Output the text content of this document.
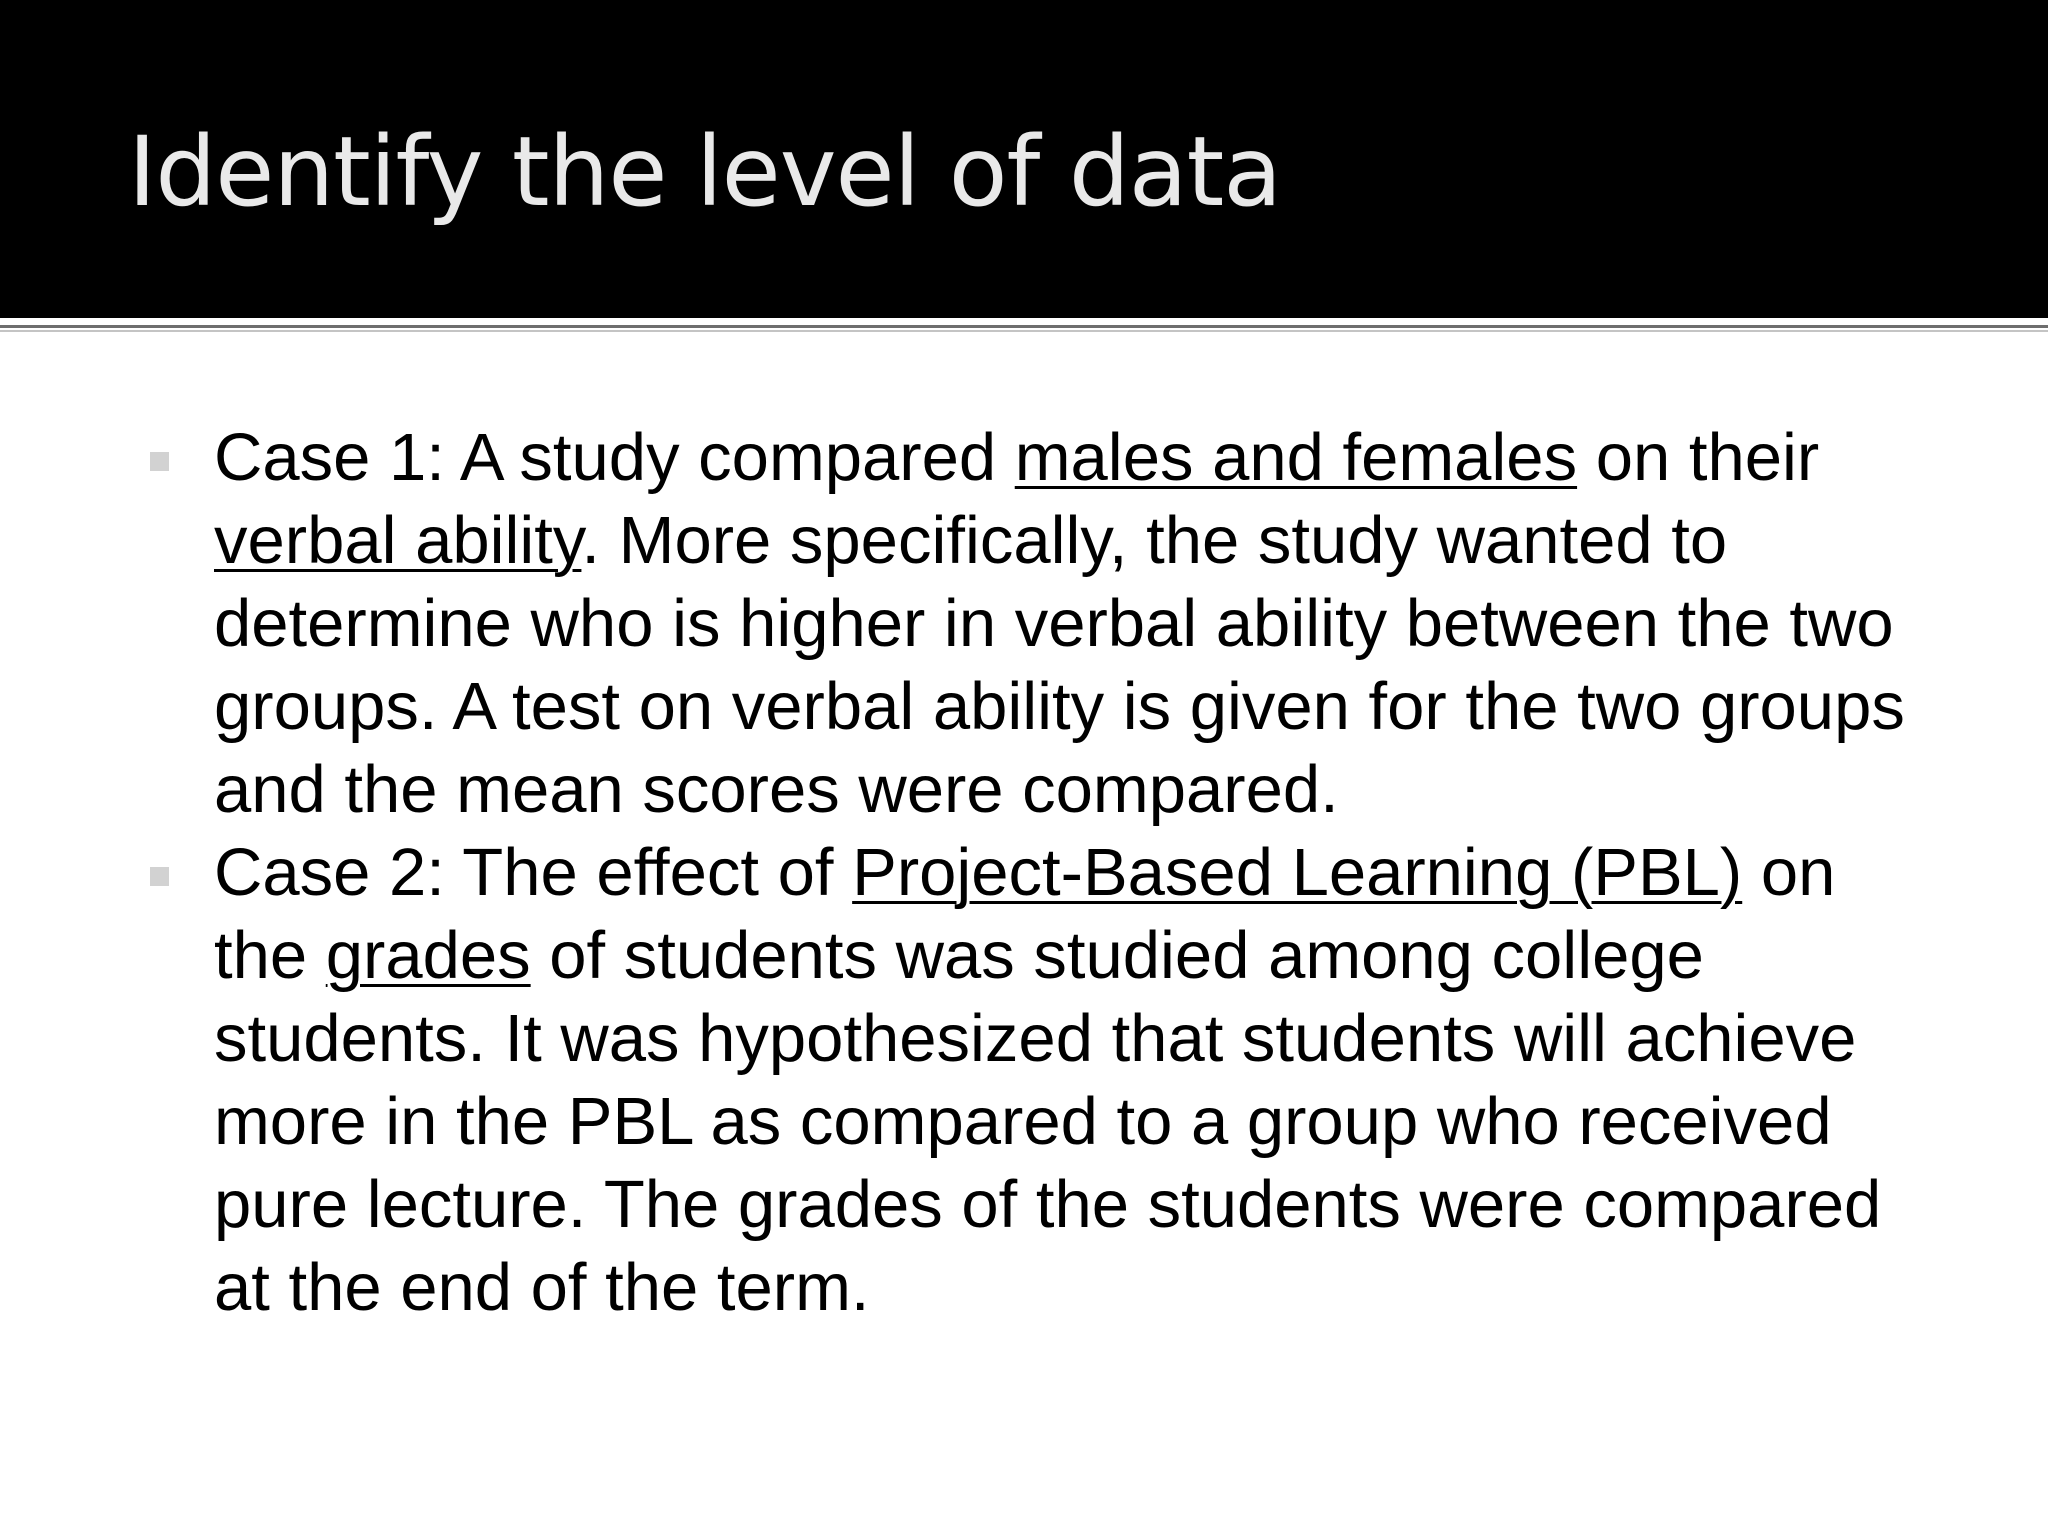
Identify the level of data
Case 1: A study compared males and females on their verbal ability. More specifically, the study wanted to determine who is higher in verbal ability between the two groups. A test on verbal ability is given for the two groups and the mean scores were compared.
Case 2: The effect of Project-Based Learning (PBL) on the grades of students was studied among college students. It was hypothesized that students will achieve more in the PBL as compared to a group who received pure lecture. The grades of the students were compared at the end of the term.
